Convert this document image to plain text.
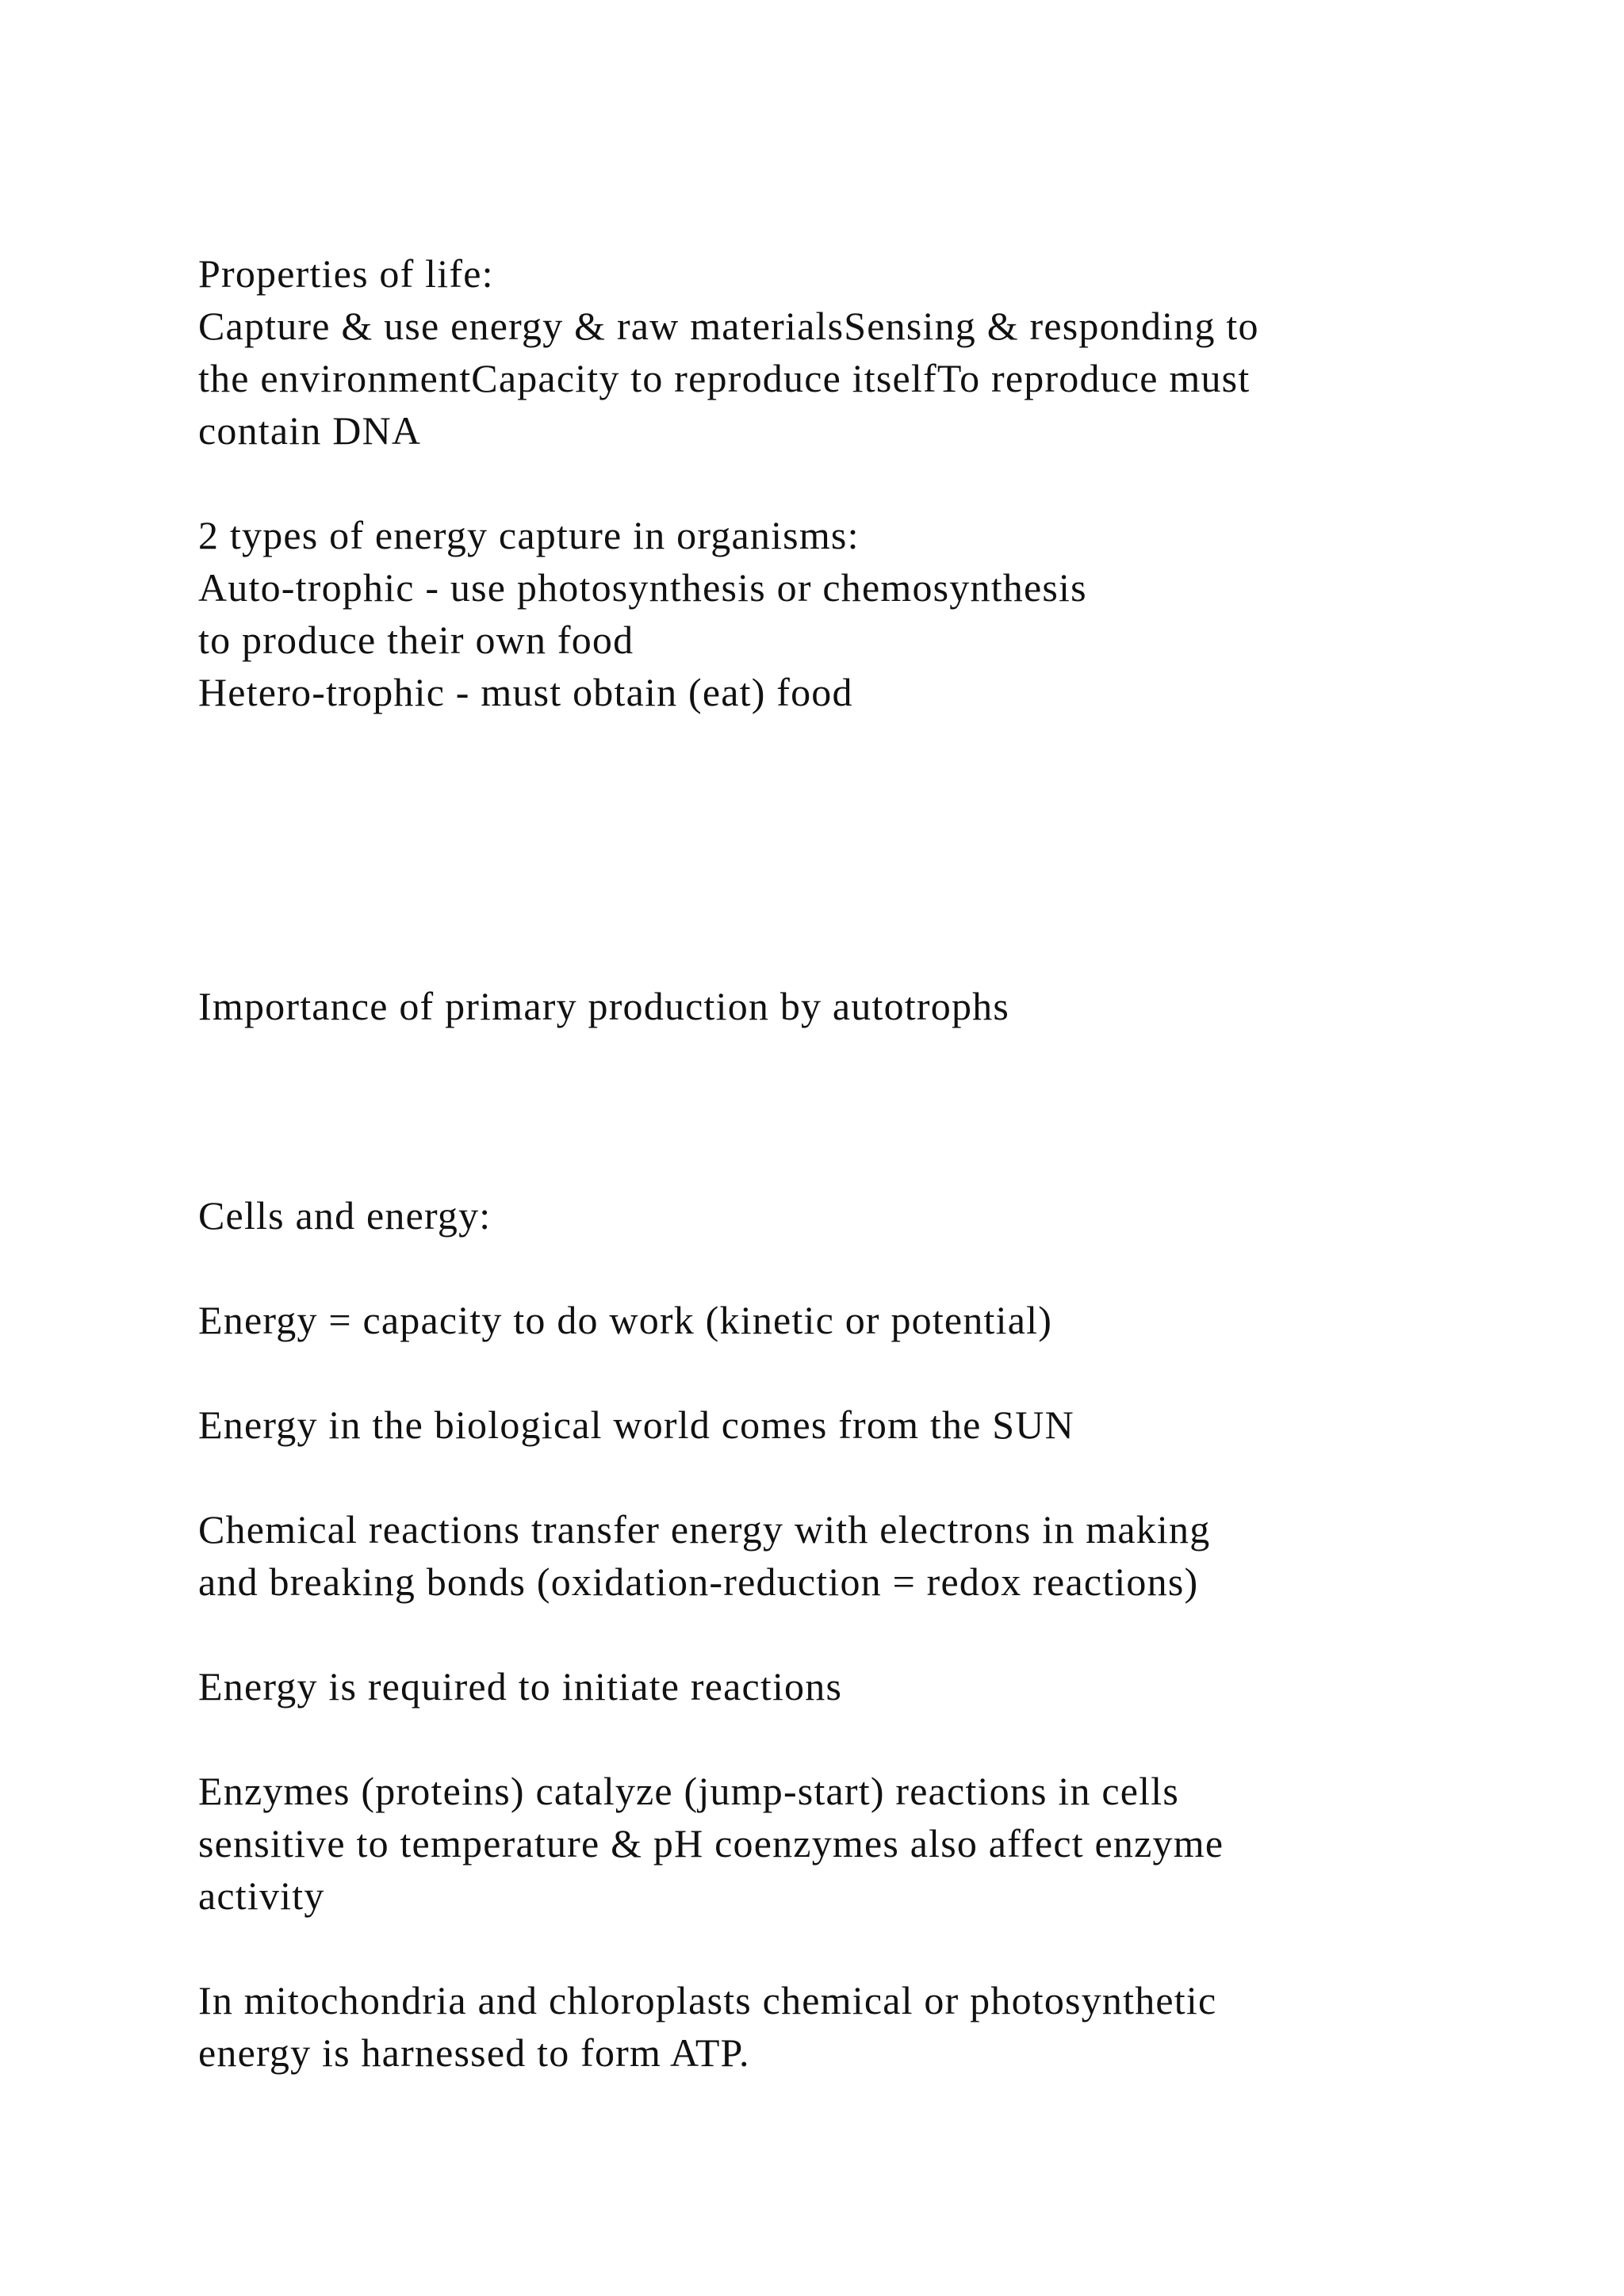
Properties of life:

Capture & use energy & raw materialsSensing & responding to

the environmentCapacity to reproduce itselfTo reproduce must

contain DNA

2 types of energy capture in organisms:

Auto-trophic - use photosynthesis or chemosynthesis

to produce their own food

Hetero-trophic - must obtain (eat) food

Importance of primary production by autotrophs

Cells and energy:

Energy = capacity to do work (kinetic or potential)

Energy in the biological world comes from the SUN

Chemical reactions transfer energy with electrons in making

and breaking bonds (oxidation-reduction = redox reactions)

Energy is required to initiate reactions

Enzymes (proteins) catalyze (jump-start) reactions in cells

sensitive to temperature & pH coenzymes also affect enzyme

activity

In mitochondria and chloroplasts chemical or photosynthetic

energy is harnessed to form ATP.
